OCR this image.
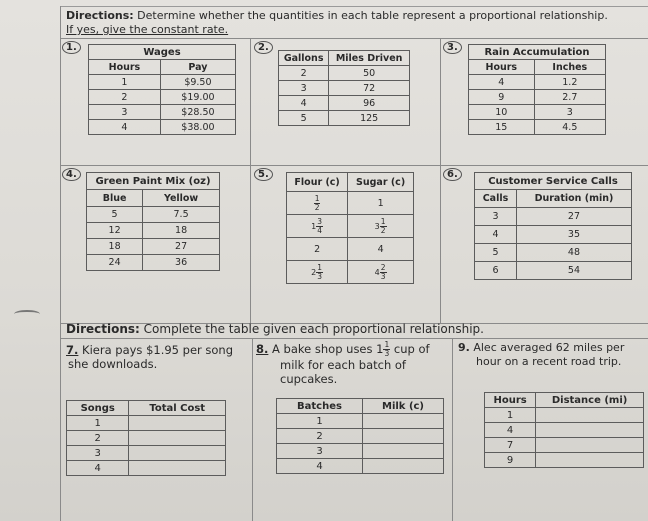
Directions: Determine whether the quantities in each table represent a proportional relationship.
If yes, give the constant rate.
1.	2.	3.
Wages	
Hours	Pay
1	$9.50
2	$19.00
3	$28.50
4	$38.00
Gallons	Miles Driven
2	50
3	72
4	96
5	125
Rain Accumulation	
Hours	Inches
4	1.2
9	2.7
10	3
15	4.5
4.	5.	6.
Green Paint Mix (oz)	
Blue	Yellow
5	7.5
12	18
18	27
24	36
Flour (c)	Sugar (c)

$\frac{1}{2}$	1
$1 \frac{3}{4}$	$3 \frac{1}{2}$

2	4
$2 \frac{1}{3}$	$4 \frac{2}{3}$
Customer Service Calls	
Calls	Duration (min)
3	27
4	35
5	48
6	54
Directions: Complete the table given each proportional relationship.
7. Kiera pays $1.95 per song
she downloads.
Songs	Total Cost
1	
2	
3	
4	
8. A bake shop uses $1 \frac{1}{3}$ cup of
milk for each batch of
cupcakes.
Batches	Milk (c)
1	
2	
3	
4	
9. Alec averaged 62 miles per
hour on a recent road trip.
Hours	Distance (mi)
1	
4	
7	
9	
